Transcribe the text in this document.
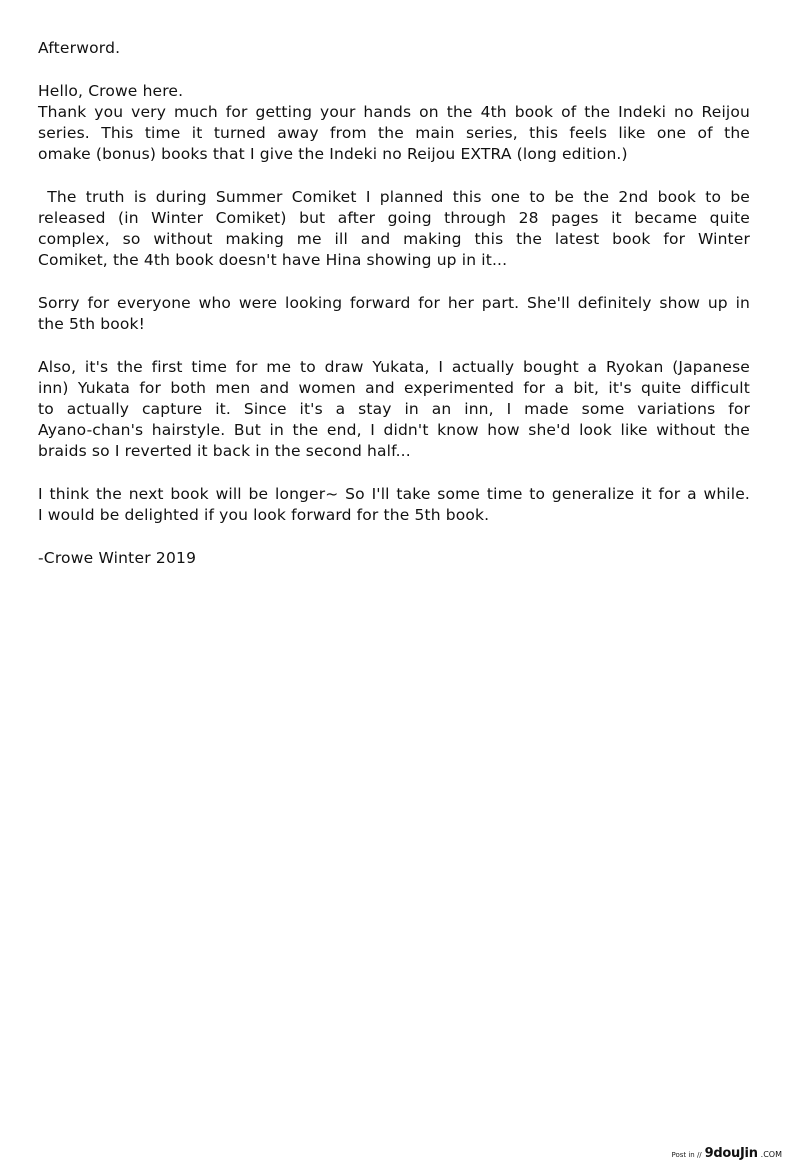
Afterword.

Hello, Crowe here.

Thank you very much for getting your hands on the 4th book of the Indeki no Reijou
series. This time it turned away from the main series, this feels like one of the
omake (bonus) books that I give the Indeki no Reijou EXTRA (long edition.)

The truth is during Summer Comiket I planned this one to be the 2nd book to be
released (in Winter Comiket) but after going through 28 pages it became quite
complex, so without making me ill and making this the latest book for Winter
Comiket, the 4th book doesn't have Hina showing up in it...

Sorry for everyone who were looking forward for her part. She'll definitely show up in
the 5th book!

Also, it's the first time for me to draw Yukata, I actually bought a Ryokan (Japanese
inn) Yukata for both men and women and experimented for a bit, it's quite difficult
to actually capture it. Since it's a stay in an inn, I made some variations for
Ayano-chan's hairstyle. But in the end, I didn't know how she'd look like without the
braids so I reverted it back in the second half...

I think the next book will be longer~ So I'll take some time to generalize it for a while.
I would be delighted if you look forward for the 5th book.

-Crowe Winter 2019

Post in // 9douJin .COM
